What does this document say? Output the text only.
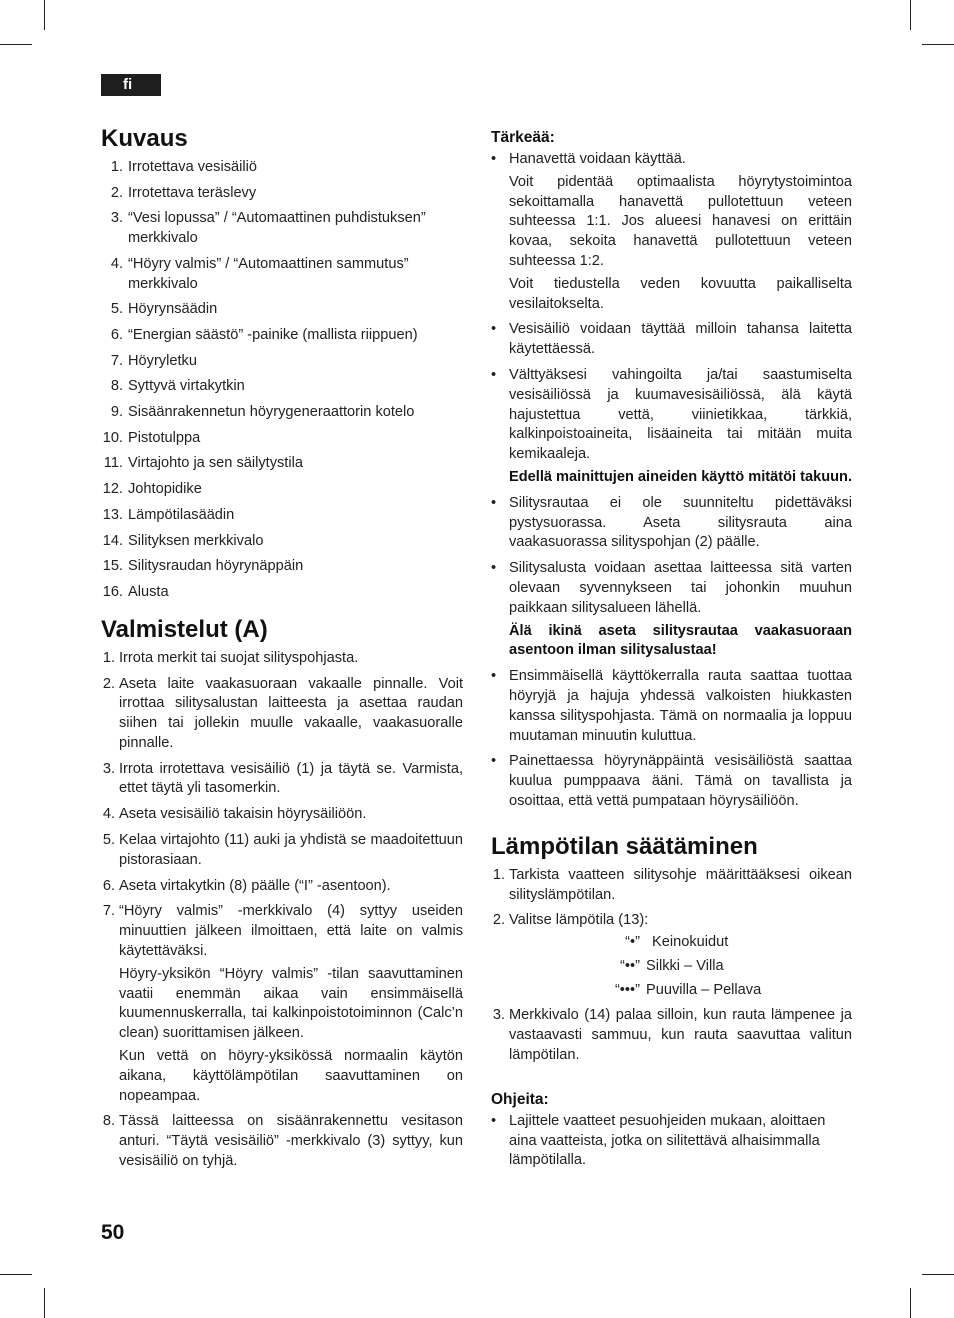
fi
Kuvaus
1. Irrotettava vesisäiliö
2. Irrotettava teräslevy
3. “Vesi lopussa” / “Automaattinen puhdistuksen” merkkivalo
4. “Höyry valmis” / “Automaattinen sammutus” merkkivalo
5. Höyrynsäädin
6. “Energian säästö” -painike (mallista riippuen)
7. Höyryletku
8. Syttyvä virtakytkin
9. Sisäänrakennetun höyrygeneraattorin kotelo
10. Pistotulppa
11. Virtajohto ja sen säilytystila
12. Johtopidike
13. Lämpötilasäädin
14. Silityksen merkkivalo
15. Silitysraudan höyrynäppäin
16. Alusta
Valmistelut (A)
1. Irrota merkit tai suojat silityspohjasta.
2. Aseta laite vaakasuoraan vakaalle pinnalle. Voit irrottaa silitysalustan laitteesta ja asettaa raudan siihen tai jollekin muulle vakaalle, vaakasuoralle pinnalle.
3. Irrota irrotettava vesisäiliö (1) ja täytä se. Varmista, ettet täytä yli tasomerkin.
4. Aseta vesisäiliö takaisin höyrysäiliöön.
5. Kelaa virtajohto (11) auki ja yhdistä se maadoitettuun pistorasiaan.
6. Aseta virtakytkin (8) päälle (“I” -asentoon).
7. “Höyry valmis” -merkkivalo (4) syttyy useiden minuuttien jälkeen ilmoittaen, että laite on valmis käytettäväksi.
Höyry-yksikön “Höyry valmis” -tilan saavuttaminen vaatii enemmän aikaa vain ensimmäisellä kuumennuskerralla, tai kalkinpoistotoiminnon (Calc’n clean) suorittamisen jälkeen.
Kun vettä on höyry-yksikössä normaalin käytön aikana, käyttölämpötilan saavuttaminen on nopeampaa.
8. Tässä laitteessa on sisäänrakennettu vesitason anturi. “Täytä vesisäiliö” -merkkivalo (3) syttyy, kun vesisäiliö on tyhjä.
Tärkeää:
• Hanavettä voidaan käyttää.
Voit pidentää optimaalista höyrytystoimintoa sekoittamalla hanavettä pullotettuun veteen suhteessa 1:1. Jos alueesi hanavesi on erittäin kovaa, sekoita hanavettä pullotettuun veteen suhteessa 1:2.
Voit tiedustella veden kovuutta paikalliselta vesilaitokselta.
• Vesisäiliö voidaan täyttää milloin tahansa laitetta käytettäessä.
• Välttyäksesi vahingoilta ja/tai saastumiselta vesisäiliössä ja kuumavesisäiliössä, älä käytä hajustettua vettä, viinietikkaa, tärkkiä, kalkinpoistoaineita, lisäaineita tai mitään muita kemikaaleja.
Edellä mainittujen aineiden käyttö mitätöi takuun.
• Silitysrautaa ei ole suunniteltu pidettäväksi pystysuorassa. Aseta silitysrauta aina vaakasuorassa silityspohjan (2) päälle.
• Silitysalusta voidaan asettaa laitteessa sitä varten olevaan syvennykseen tai johonkin muuhun paikkaan silitysalueen lähellä.
Älä ikinä aseta silitysrautaa vaakasuoraan asentoon ilman silitysalustaa!
• Ensimmäisellä käyttökerralla rauta saattaa tuottaa höyryjä ja hajuja yhdessä valkoisten hiukkasten kanssa silityspohjasta. Tämä on normaalia ja loppuu muutaman minuutin kuluttua.
• Painettaessa höyrynäppäintä vesisäiliöstä saattaa kuulua pumppaava ääni. Tämä on tavallista ja osoittaa, että vettä pumpataan höyrysäiliöön.
Lämpötilan säätäminen
1. Tarkista vaatteen silitysohje määrittääksesi oikean silityslämpötilan.
2. Valitse lämpötila (13):
“•” Keinokuidut
“••” Silkki – Villa
“•••” Puuvilla – Pellava
3. Merkkivalo (14) palaa silloin, kun rauta lämpenee ja vastaavasti sammuu, kun rauta saavuttaa valitun lämpötilan.
Ohjeita:
• Lajittele vaatteet pesuohjeiden mukaan, aloittaen aina vaatteista, jotka on silitettävä alhaisimmalla lämpötilalla.
50
